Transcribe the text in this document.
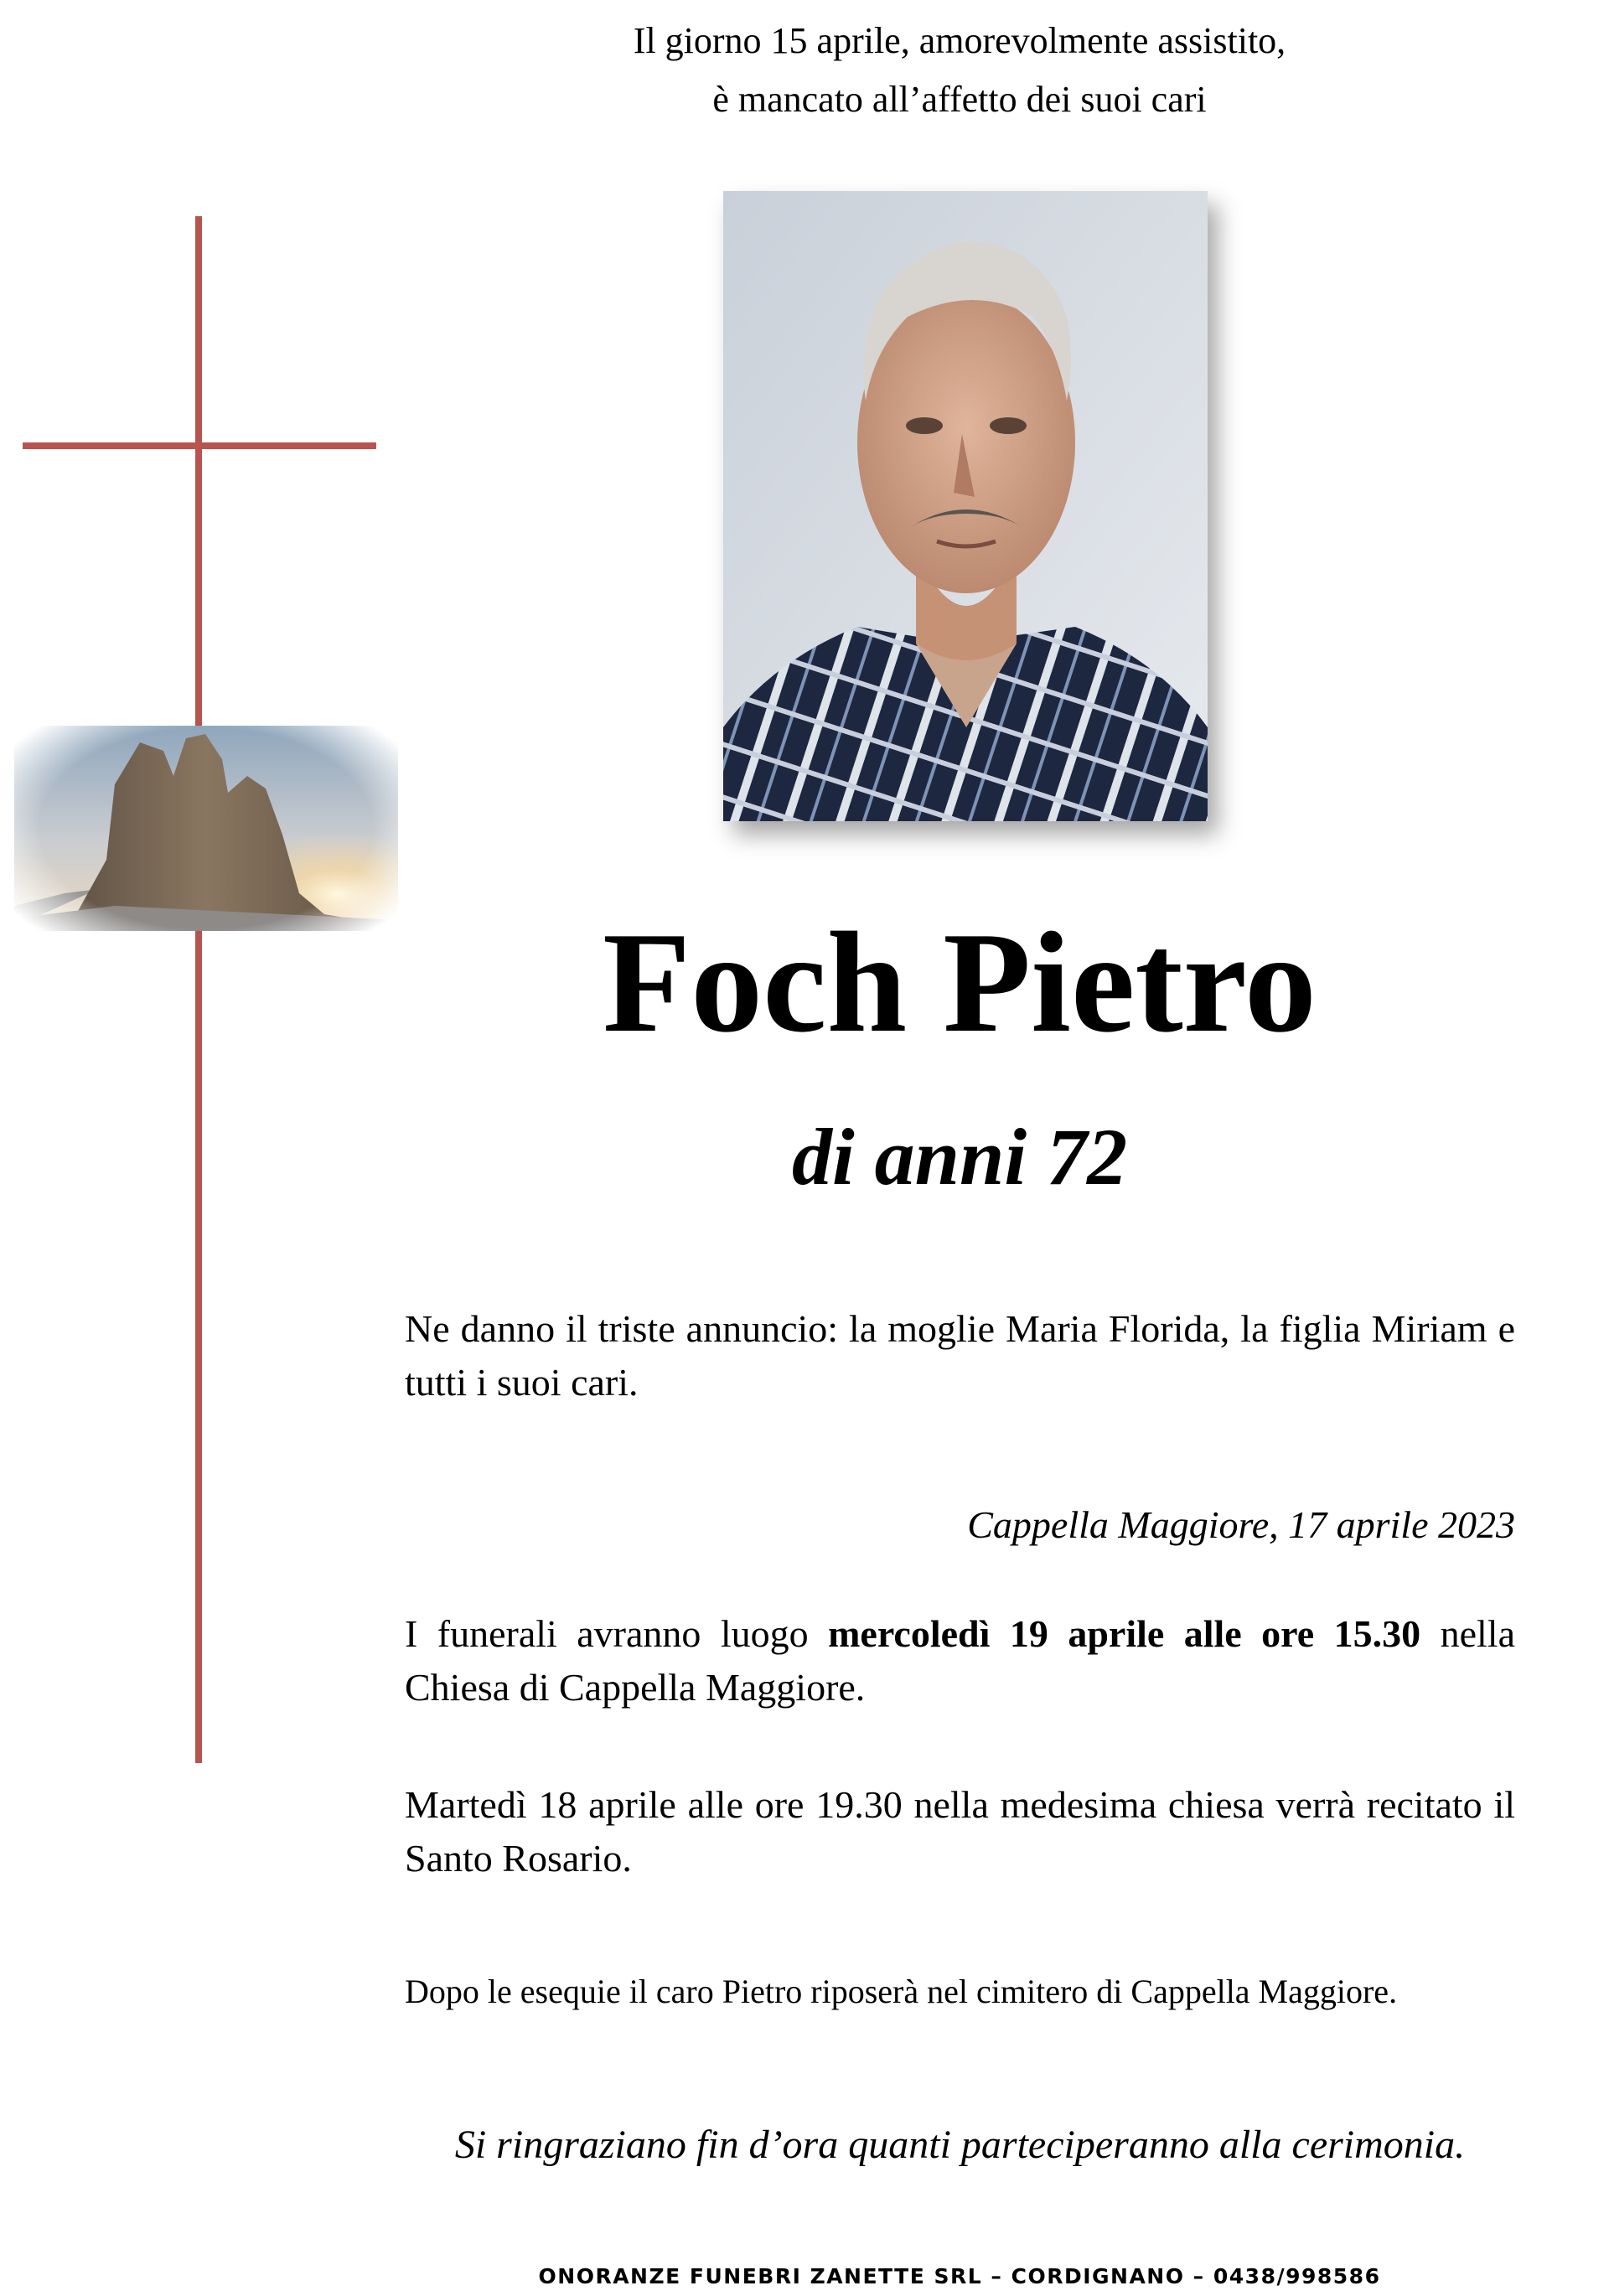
Il giorno 15 aprile, amorevolmente assistito,
è mancato all’affetto dei suoi cari
Foch Pietro
di anni 72
Ne danno il triste annuncio: la moglie Maria Florida, la figlia Miriam e tutti i suoi cari.
Cappella Maggiore, 17 aprile 2023
I funerali avranno luogo mercoledì 19 aprile alle ore 15.30 nella Chiesa di Cappella Maggiore.
Martedì 18 aprile alle ore 19.30 nella medesima chiesa verrà recitato il Santo Rosario.
Dopo le esequie il caro Pietro riposerà nel cimitero di Cappella Maggiore.
Si ringraziano fin d’ora quanti parteciperanno alla cerimonia.
ONORANZE FUNEBRI ZANETTE SRL – CORDIGNANO – 0438/998586
